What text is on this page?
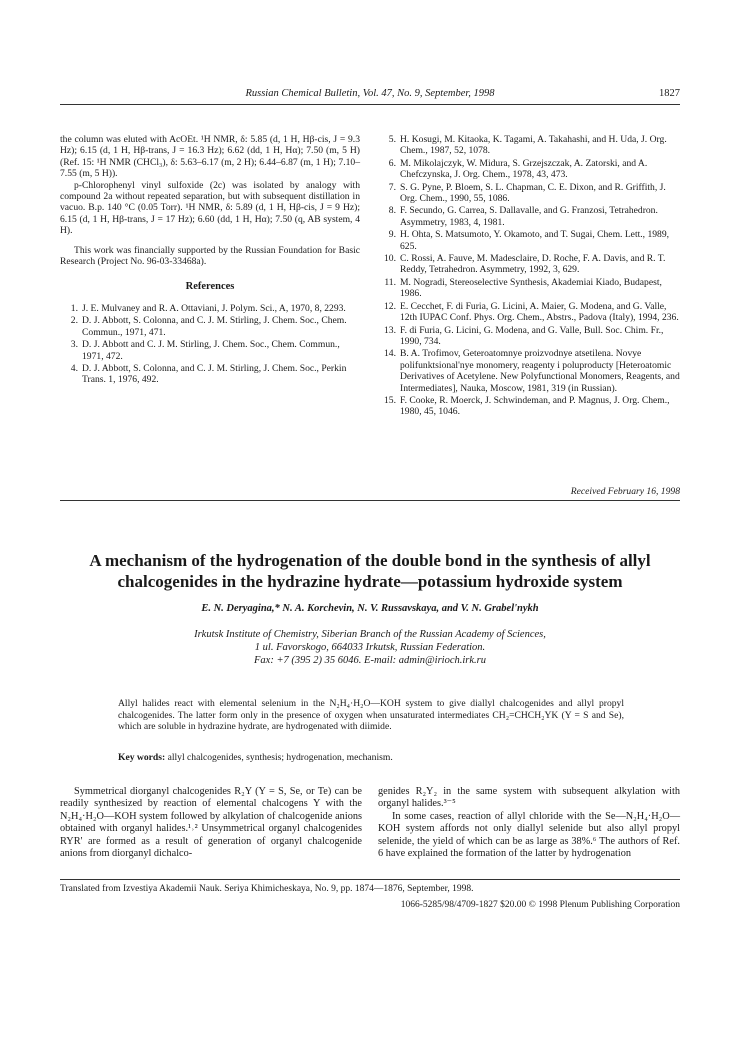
Russian Chemical Bulletin, Vol. 47, No. 9, September, 1998	1827

the column was eluted with AcOEt. ¹H NMR, δ: 5.85 (d, 1 H, Hβ-cis, J = 9.3 Hz); 6.15 (d, 1 H, Hβ-trans, J = 16.3 Hz); 6.62 (dd, 1 H, Hα); 7.50 (m, 5 H) (Ref. 15: ¹H NMR (CHCl₃), δ: 5.63–6.17 (m, 2 H); 6.44–6.87 (m, 1 H); 7.10–7.55 (m, 5 H)).

p-Chlorophenyl vinyl sulfoxide (2c) was isolated by analogy with compound 2a without repeated separation, but with subsequent distillation in vacuo. B.p. 140 °C (0.05 Torr). ¹H NMR, δ: 5.89 (d, 1 H, Hβ-cis, J = 9 Hz); 6.15 (d, 1 H, Hβ-trans, J = 17 Hz); 6.60 (dd, 1 H, Hα); 7.50 (q, AB system, 4 H).

This work was financially supported by the Russian Foundation for Basic Research (Project No. 96-03-33468a).

References
1. J. E. Mulvaney and R. A. Ottaviani, J. Polym. Sci., A, 1970, 8, 2293.
2. D. J. Abbott, S. Colonna, and C. J. M. Stirling, J. Chem. Soc., Chem. Commun., 1971, 471.
3. D. J. Abbott and C. J. M. Stirling, J. Chem. Soc., Chem. Commun., 1971, 472.
4. D. J. Abbott, S. Colonna, and C. J. M. Stirling, J. Chem. Soc., Perkin Trans. 1, 1976, 492.
5. H. Kosugi, M. Kitaoka, K. Tagami, A. Takahashi, and H. Uda, J. Org. Chem., 1987, 52, 1078.
6. M. Mikolajczyk, W. Midura, S. Grzejszczak, A. Zatorski, and A. Chefczynska, J. Org. Chem., 1978, 43, 473.
7. S. G. Pyne, P. Bloem, S. L. Chapman, C. E. Dixon, and R. Griffith, J. Org. Chem., 1990, 55, 1086.
8. F. Secundo, G. Carrea, S. Dallavalle, and G. Franzosi, Tetrahedron. Asymmetry, 1983, 4, 1981.
9. H. Ohta, S. Matsumoto, Y. Okamoto, and T. Sugai, Chem. Lett., 1989, 625.
10. C. Rossi, A. Fauve, M. Madesclaire, D. Roche, F. A. Davis, and R. T. Reddy, Tetrahedron. Asymmetry, 1992, 3, 629.
11. M. Nogradi, Stereoselective Synthesis, Akademiai Kiado, Budapest, 1986.
12. E. Cecchet, F. di Furia, G. Licini, A. Maier, G. Modena, and G. Valle, 12th IUPAC Conf. Phys. Org. Chem., Abstrs., Padova (Italy), 1994, 236.
13. F. di Furia, G. Licini, G. Modena, and G. Valle, Bull. Soc. Chim. Fr., 1990, 734.
14. B. A. Trofimov, Geteroatomnye proizvodnye atsetilena. Novye polifunktsional'nye monomery, reagenty i poluproducty [Heteroatomic Derivatives of Acetylene. New Polyfunctional Monomers, Reagents, and Intermediates], Nauka, Moscow, 1981, 319 (in Russian).
15. F. Cooke, R. Moerck, J. Schwindeman, and P. Magnus, J. Org. Chem., 1980, 45, 1046.
Received February 16, 1998
A mechanism of the hydrogenation of the double bond in the synthesis of allyl chalcogenides in the hydrazine hydrate—potassium hydroxide system
E. N. Deryagina,* N. A. Korchevin, N. V. Russavskaya, and V. N. Grabel'nykh
Irkutsk Institute of Chemistry, Siberian Branch of the Russian Academy of Sciences,
1 ul. Favorskogo, 664033 Irkutsk, Russian Federation.
Fax: +7 (395 2) 35 6046. E-mail: admin@irioch.irk.ru
Allyl halides react with elemental selenium in the N₂H₄·H₂O—KOH system to give diallyl chalcogenides and allyl propyl chalcogenides. The latter form only in the presence of oxygen when unsaturated intermediates CH₂=CHCH₂YK (Y = S and Se), which are soluble in hydrazine hydrate, are hydrogenated with diimide.
Key words: allyl chalcogenides, synthesis; hydrogenation, mechanism.

Symmetrical diorganyl chalcogenides R₂Y (Y = S, Se, or Te) can be readily synthesized by reaction of elemental chalcogens Y with the N₂H₄·H₂O—KOH system followed by alkylation of chalcogenide anions obtained with organyl halides.¹˒² Unsymmetrical organyl chalcogenides RYR' are formed as a result of generation of organyl chalcogenide anions from diorganyl dichalco-

genides R₂Y₂ in the same system with subsequent alkylation with organyl halides.³⁻⁵

In some cases, reaction of allyl chloride with the Se—N₂H₄·H₂O—KOH system affords not only diallyl selenide but also allyl propyl selenide, the yield of which can be as large as 38%.⁶ The authors of Ref. 6 have explained the formation of the latter by hydrogenation

Translated from Izvestiya Akademii Nauk. Seriya Khimicheskaya, No. 9, pp. 1874—1876, September, 1998.
1066-5285/98/4709-1827 $20.00 © 1998 Plenum Publishing Corporation
